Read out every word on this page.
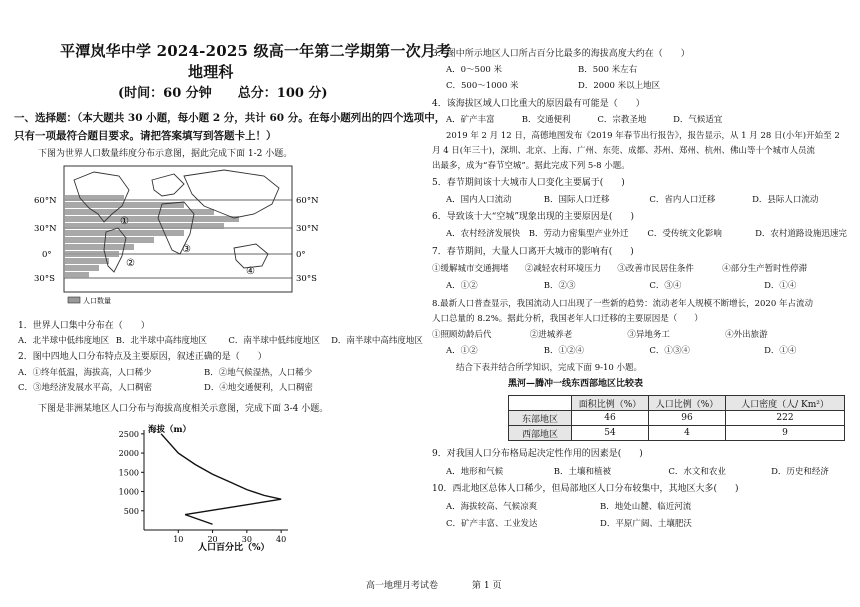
平潭岚华中学 2024-2025 级高一年第二学期第一次月考
地理科
(时间：60 分钟　　总分：100 分)
一、选择题：（本大题共 30 小题，每小题 2 分，共计 60 分。在每小题列出的四个选项中，
只有一项最符合题目要求。请把答案填写到答题卡上！）
下图为世界人口数量纬度分布示意图，据此完成下面 1-2 小题。
①
②
③
④
60°N
30°N
0°
30°S
60°N
30°N
0°
30°S
人口数量
1．世界人口集中分布在（　　）
A．北半球中低纬度地区 B．北半球中高纬度地区	C．南半球中低纬度地区 D．南半球中高纬度地区
2．图中四地人口分布特点及主要原因，叙述正确的是（　　）
A．①终年低温，海拔高，人口稀少	B．②地气候湿热，人口稀少
C．③地经济发展水平高，人口稠密	D．④地交通便利，人口稠密
下图是非洲某地区人口分布与海拔高度相关示意图，完成下面 3-4 小题。
海拔（m）
人口百分比（%）
500
1000
1500
2000
2500
10	20	30	40
3．图中所示地区人口所占百分比最多的海拔高度大约在（　　）
A．0～500 米	B．500 米左右
C．500～1000 米	D．2000 米以上地区
4．该海拔区域人口比重大的原因最有可能是（　　）
A．矿产丰富	B．交通便利	C．宗教圣地	D．气候适宜
2019 年 2 月 12 日，高德地图发布《2019 年春节出行报告》，报告显示，从 1 月 28 日(小年)开始至 2
月 4 日(年三十)，深圳、北京、上海、广州、东莞、成都、苏州、郑州、杭州、佛山等十个城市人员流
出最多，成为“春节空城”。据此完成下列 5-8 小题。
5．春节期间该十大城市人口变化主要属于(　　)
A．国内人口流动	B．国际人口迁移	C．省内人口迁移	D．县际人口流动
6．导致该十大“空城”现象出现的主要原因是(　　)
A．农村经济发展快 B．劳动力密集型产业外迁 C．受传统文化影响	D．农村道路设施迅速完
7．春节期间，大量人口离开大城市的影响有(　　)
①缓解城市交通拥堵 ②减轻农村环境压力 ③改善市民居住条件	④部分生产暂时性停滞
A．①②	B．②③	C．③④	D．①④
8.最新人口普查显示，我国流动人口出现了一些新的趋势：流动老年人规模不断增长，2020 年占流动
人口总量的 8.2%。据此分析，我国老年人口迁移的主要原因是（　　）
①照顾幼龄后代	②进城养老	③异地务工	④外出旅游
A．①②	B．①②④	C．①③④	D．①④
结合下表并结合所学知识，完成下面 9-10 小题。
黑河—腾冲一线东西部地区比较表
	面积比例（%）	人口比例（%）	人口密度（人/ Km²）
东部地区	46	96	222
西部地区	54	4	9
9．对我国人口分布格局起决定性作用的因素是(　　)
A．地形和气候	B．土壤和植被	C．水文和农业	D．历史和经济
10．西北地区总体人口稀少，但局部地区人口分布较集中，其地区大多(　　)
A．海拔较高、气候凉爽	B．地处山麓、临近河流
C．矿产丰富、工业发达	D．平原广阔、土壤肥沃
高一地理月考试卷	第 1 页
